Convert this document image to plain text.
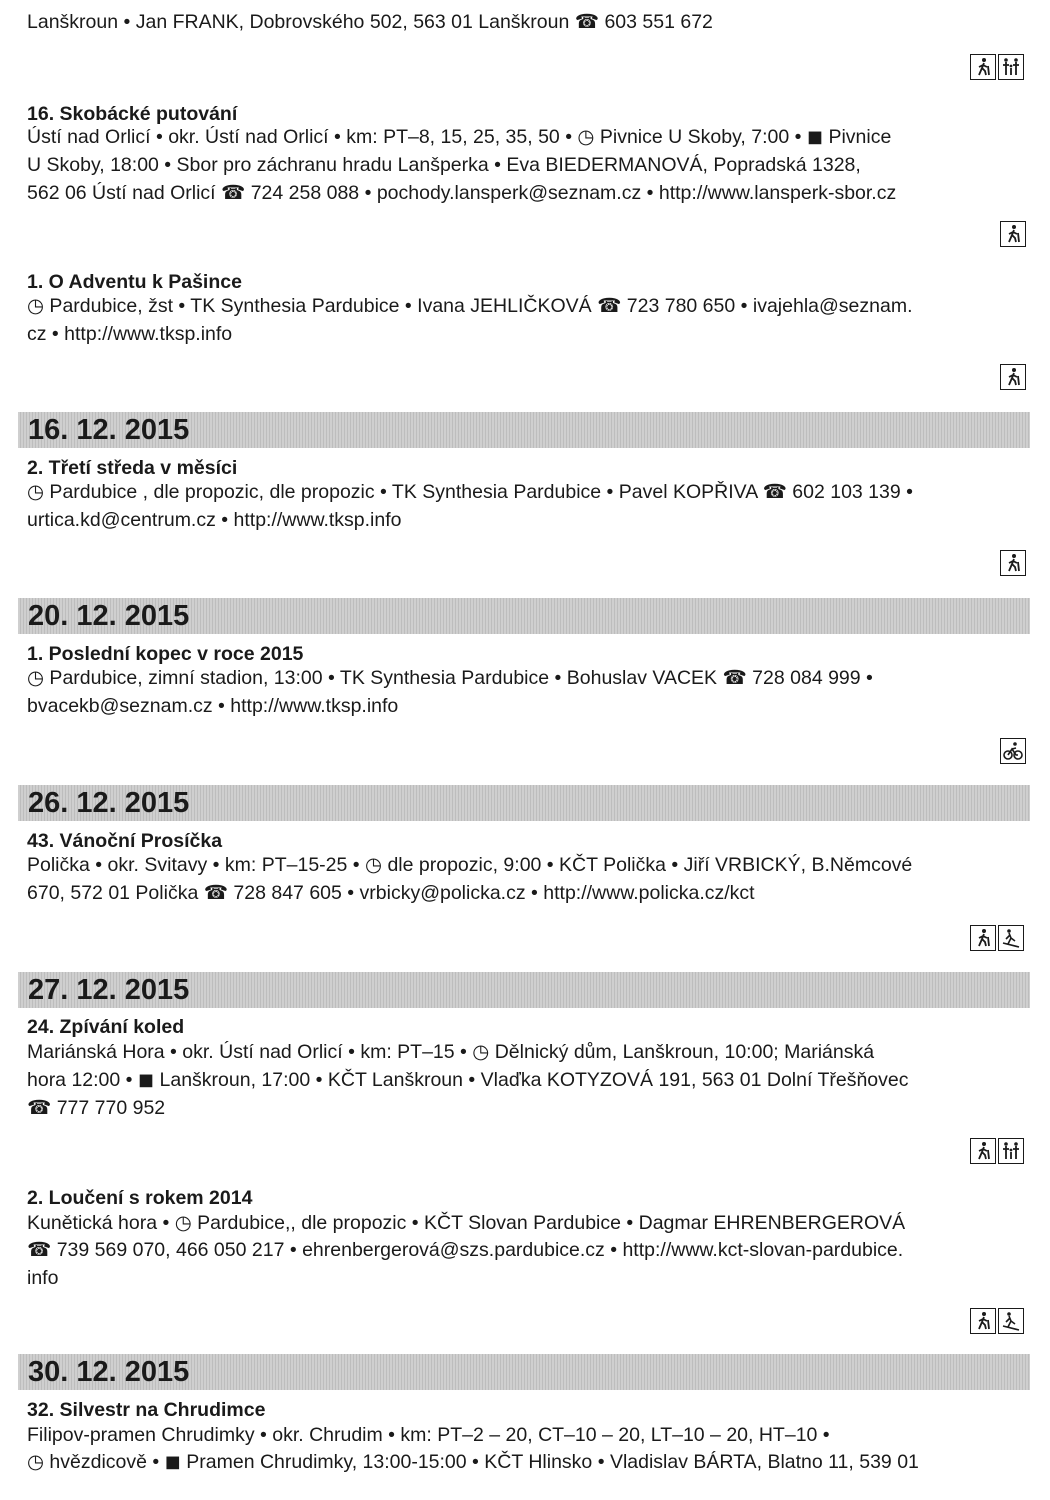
Lanškroun • Jan FRANK, Dobrovského 502, 563 01 Lanškroun ☎ 603 551 672
16. Skobácké putování
Ústí nad Orlicí • okr. Ústí nad Orlicí • km: PT–8, 15, 25, 35, 50 • ◷ Pivnice U Skoby, 7:00 • ◼ Pivnice
U Skoby, 18:00 • Sbor pro záchranu hradu Lanšperka • Eva BIEDERMANOVÁ, Popradská 1328,
562 06 Ústí nad Orlicí ☎ 724 258 088 • pochody.lansperk@seznam.cz • http://www.lansperk-sbor.cz
1. O Adventu k Pašince
◷ Pardubice, žst • TK Synthesia Pardubice • Ivana JEHLIČKOVÁ ☎ 723 780 650 • ivajehla@seznam.
cz • http://www.tksp.info
16. 12. 2015
2. Třetí středa v měsíci
◷ Pardubice , dle propozic, dle propozic • TK Synthesia Pardubice • Pavel KOPŘIVA ☎ 602 103 139 •
urtica.kd@centrum.cz • http://www.tksp.info
20. 12. 2015
1. Poslední kopec v roce 2015
◷ Pardubice, zimní stadion, 13:00 • TK Synthesia Pardubice • Bohuslav VACEK ☎ 728 084 999 •
bvacekb@seznam.cz • http://www.tksp.info
26. 12. 2015
43. Vánoční Prosíčka
Polička • okr. Svitavy • km: PT–15-25 • ◷ dle propozic, 9:00 • KČT Polička • Jiří VRBICKÝ, B.Němcové
670, 572 01 Polička ☎ 728 847 605 • vrbicky@policka.cz • http://www.policka.cz/kct
27. 12. 2015
24. Zpívání koled
Mariánská Hora • okr. Ústí nad Orlicí • km: PT–15 • ◷ Dělnický dům, Lanškroun, 10:00; Mariánská
hora 12:00 • ◼ Lanškroun, 17:00 • KČT Lanškroun • Vlaďka KOTYZOVÁ 191, 563 01 Dolní Třešňovec
☎ 777 770 952
2. Loučení s rokem 2014
Kunětická hora • ◷ Pardubice,, dle propozic • KČT Slovan Pardubice • Dagmar EHRENBERGEROVÁ
☎ 739 569 070, 466 050 217 • ehrenbergerová@szs.pardubice.cz • http://www.kct-slovan-pardubice.
info
30. 12. 2015
32. Silvestr na Chrudimce
Filipov-pramen Chrudimky • okr. Chrudim • km: PT–2 – 20, CT–10 – 20, LT–10 – 20, HT–10 •
◷ hvězdicově • ◼ Pramen Chrudimky, 13:00-15:00 • KČT Hlinsko • Vladislav BÁRTA, Blatno 11, 539 01
